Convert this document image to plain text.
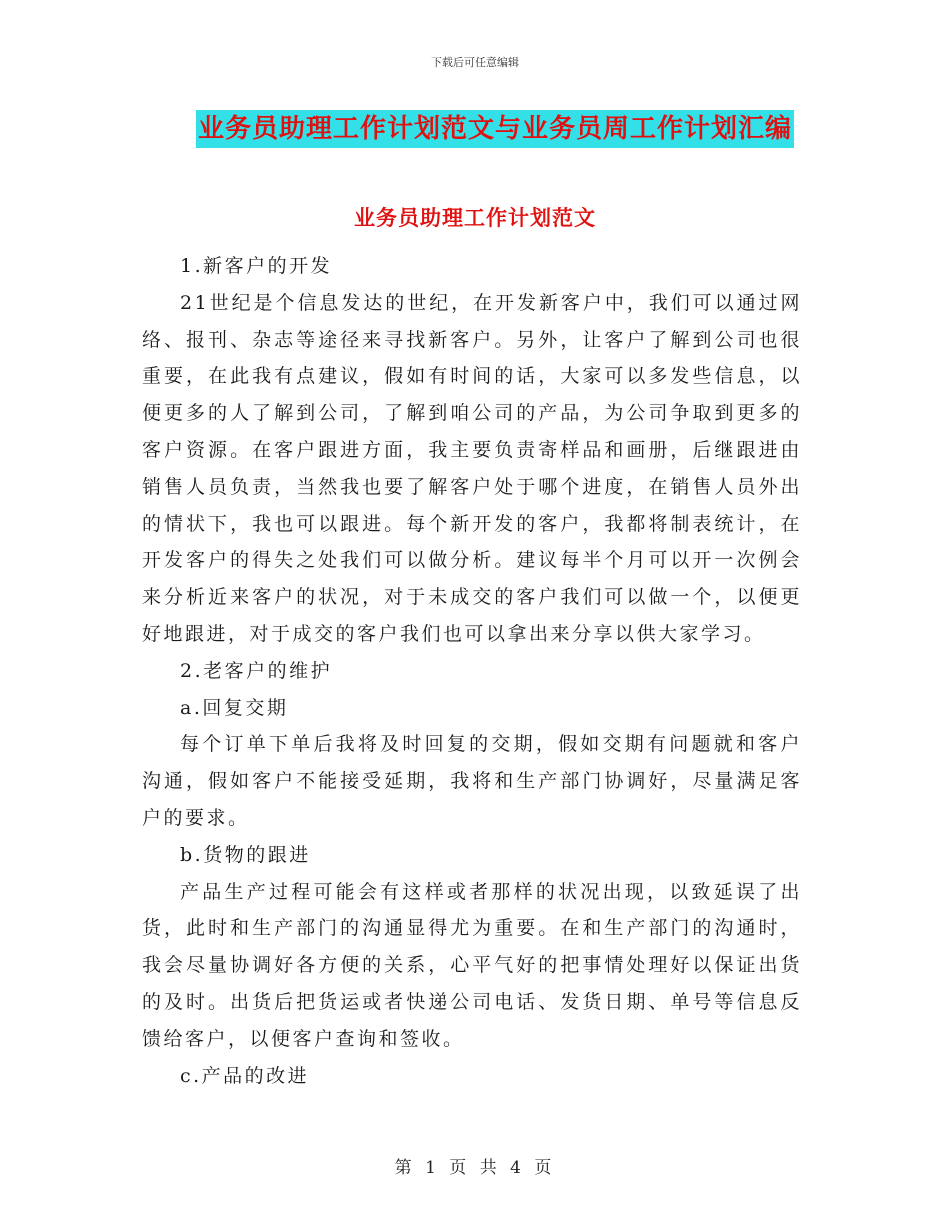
下载后可任意编辑
业务员助理工作计划范文与业务员周工作计划汇编
业务员助理工作计划范文

1.新客户的开发

21世纪是个信息发达的世纪，在开发新客户中，我们可以通过网络、报刊、杂志等途径来寻找新客户。另外，让客户了解到公司也很重要，在此我有点建议，假如有时间的话，大家可以多发些信息，以便更多的人了解到公司，了解到咱公司的产品，为公司争取到更多的客户资源。在客户跟进方面，我主要负责寄样品和画册，后继跟进由销售人员负责，当然我也要了解客户处于哪个进度，在销售人员外出的情状下，我也可以跟进。每个新开发的客户，我都将制表统计，在开发客户的得失之处我们可以做分析。建议每半个月可以开一次例会来分析近来客户的状况，对于未成交的客户我们可以做一个，以便更好地跟进，对于成交的客户我们也可以拿出来分享以供大家学习。

2.老客户的维护

a.回复交期

每个订单下单后我将及时回复的交期，假如交期有问题就和客户沟通，假如客户不能接受延期，我将和生产部门协调好，尽量满足客户的要求。

b.货物的跟进

产品生产过程可能会有这样或者那样的状况出现，以致延误了出货，此时和生产部门的沟通显得尤为重要。在和生产部门的沟通时，我会尽量协调好各方便的关系，心平气好的把事情处理好以保证出货的及时。出货后把货运或者快递公司电话、发货日期、单号等信息反馈给客户，以便客户查询和签收。

c.产品的改进

第 1 页 共 4 页
